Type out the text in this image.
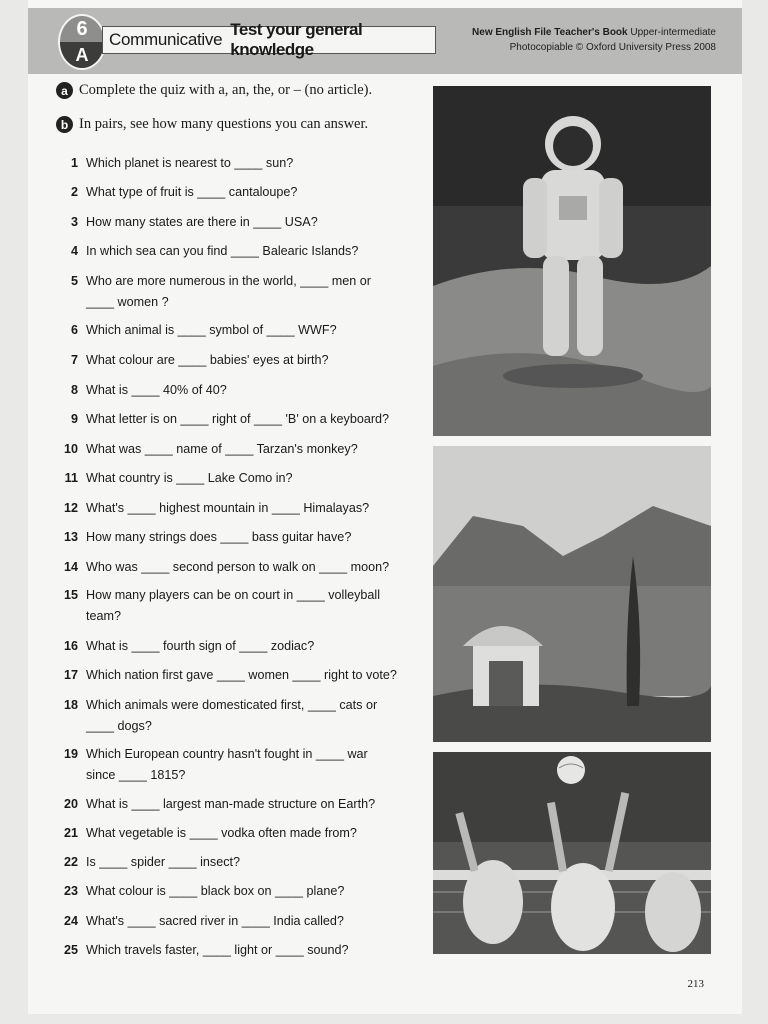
6
A
Communicative
Test your general knowledge
New English File Teacher's Book Upper-intermediate
Photocopiable © Oxford University Press 2008
a Complete the quiz with a, an, the, or – (no article).
b In pairs, see how many questions you can answer.
1 Which planet is nearest to ____ sun?
2 What type of fruit is ____ cantaloupe?
3 How many states are there in ____ USA?
4 In which sea can you find ____ Balearic Islands?
5 Who are more numerous in the world, ____ men or
____ women ?
6 Which animal is ____ symbol of ____ WWF?
7 What colour are ____ babies' eyes at birth?
8 What is ____ 40% of 40?
9 What letter is on ____ right of ____ 'B' on a keyboard?
10 What was ____ name of ____ Tarzan's monkey?
11 What country is ____ Lake Como in?
12 What's ____ highest mountain in ____ Himalayas?
13 How many strings does ____ bass guitar have?
14 Who was ____ second person to walk on ____ moon?
15 How many players can be on court in ____ volleyball
team?
16 What is ____ fourth sign of ____ zodiac?
17 Which nation first gave ____ women ____ right to vote?
18 Which animals were domesticated first, ____ cats or
____ dogs?
19 Which European country hasn't fought in ____ war
since ____ 1815?
20 What is ____ largest man-made structure on Earth?
21 What vegetable is ____ vodka often made from?
22 Is ____ spider ____ insect?
23 What colour is ____ black box on ____ plane?
24 What's ____ sacred river in ____ India called?
25 Which travels faster, ____ light or ____ sound?
213
